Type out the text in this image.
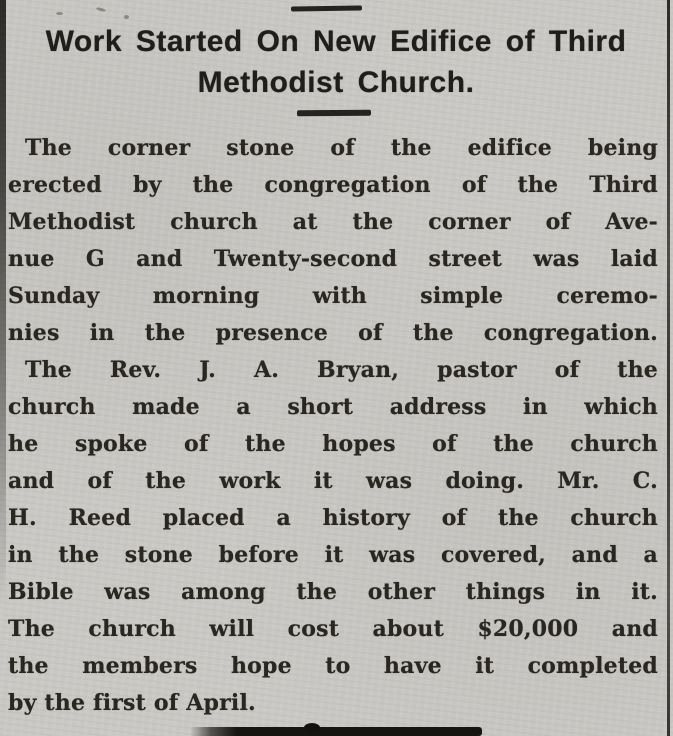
Work Started On New Edifice of Third
Methodist Church.
The corner stone of the edifice being
erected by the congregation of the Third
Methodist church at the corner of Ave-
nue G and Twenty-second street was laid
Sunday morning with simple ceremo-
nies in the presence of the congregation.
The Rev. J. A. Bryan, pastor of the
church made a short address in which
he spoke of the hopes of the church
and of the work it was doing. Mr. C.
H. Reed placed a history of the church
in the stone before it was covered, and a
Bible was among the other things in it.
The church will cost about $20,000 and
the members hope to have it completed
by the first of April.
